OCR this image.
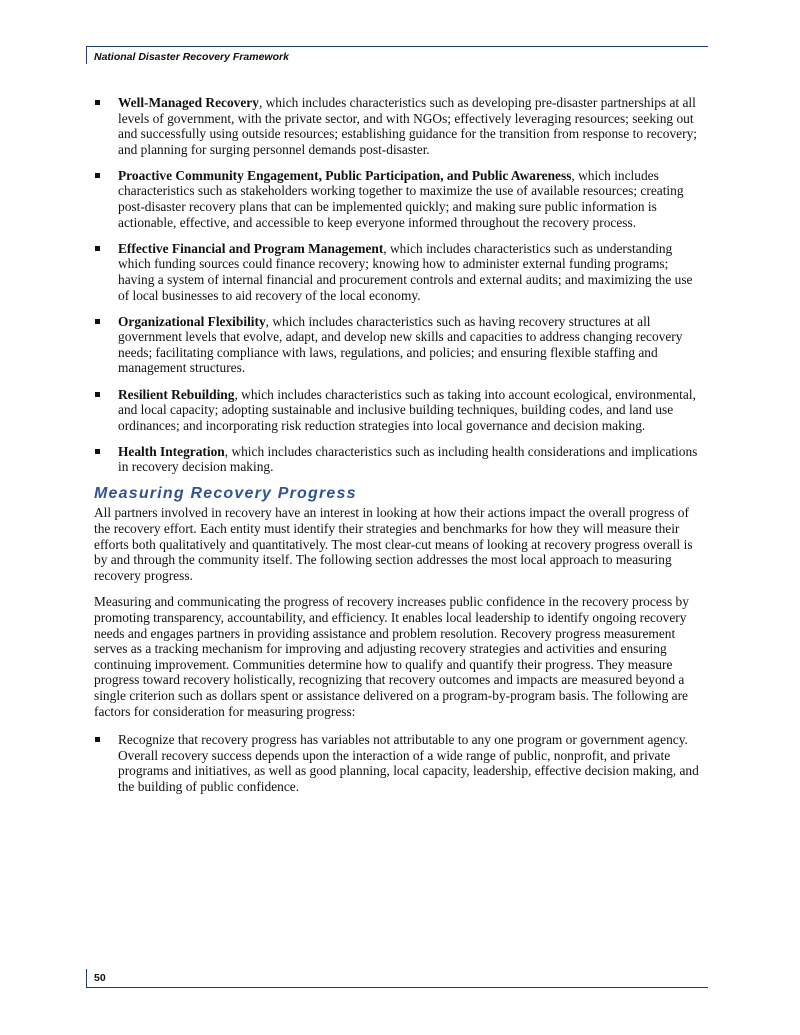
National Disaster Recovery Framework
Well-Managed Recovery, which includes characteristics such as developing pre-disaster partnerships at all levels of government, with the private sector, and with NGOs; effectively leveraging resources; seeking out and successfully using outside resources; establishing guidance for the transition from response to recovery; and planning for surging personnel demands post-disaster.
Proactive Community Engagement, Public Participation, and Public Awareness, which includes characteristics such as stakeholders working together to maximize the use of available resources; creating post-disaster recovery plans that can be implemented quickly; and making sure public information is actionable, effective, and accessible to keep everyone informed throughout the recovery process.
Effective Financial and Program Management, which includes characteristics such as understanding which funding sources could finance recovery; knowing how to administer external funding programs; having a system of internal financial and procurement controls and external audits; and maximizing the use of local businesses to aid recovery of the local economy.
Organizational Flexibility, which includes characteristics such as having recovery structures at all government levels that evolve, adapt, and develop new skills and capacities to address changing recovery needs; facilitating compliance with laws, regulations, and policies; and ensuring flexible staffing and management structures.
Resilient Rebuilding, which includes characteristics such as taking into account ecological, environmental, and local capacity; adopting sustainable and inclusive building techniques, building codes, and land use ordinances; and incorporating risk reduction strategies into local governance and decision making.
Health Integration, which includes characteristics such as including health considerations and implications in recovery decision making.
Measuring Recovery Progress

All partners involved in recovery have an interest in looking at how their actions impact the overall progress of the recovery effort. Each entity must identify their strategies and benchmarks for how they will measure their efforts both qualitatively and quantitatively. The most clear-cut means of looking at recovery progress overall is by and through the community itself. The following section addresses the most local approach to measuring recovery progress.

Measuring and communicating the progress of recovery increases public confidence in the recovery process by promoting transparency, accountability, and efficiency. It enables local leadership to identify ongoing recovery needs and engages partners in providing assistance and problem resolution. Recovery progress measurement serves as a tracking mechanism for improving and adjusting recovery strategies and activities and ensuring continuing improvement. Communities determine how to qualify and quantify their progress. They measure progress toward recovery holistically, recognizing that recovery outcomes and impacts are measured beyond a single criterion such as dollars spent or assistance delivered on a program-by-program basis. The following are factors for consideration for measuring progress:

Recognize that recovery progress has variables not attributable to any one program or government agency. Overall recovery success depends upon the interaction of a wide range of public, nonprofit, and private programs and initiatives, as well as good planning, local capacity, leadership, effective decision making, and the building of public confidence.
50
